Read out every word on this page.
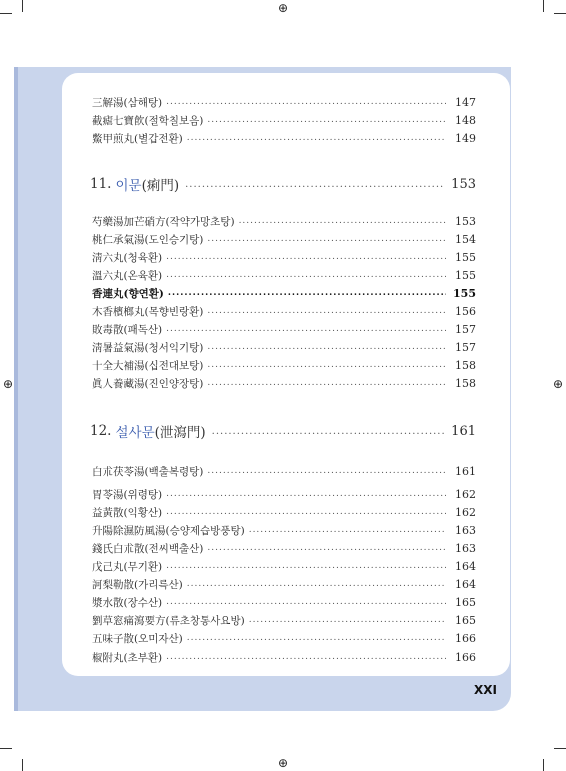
⊕
⊕
⊕	⊕
三解湯(삼해탕) .....	147
截瘧七寶飮(절학칠보음) .....	148
鱉甲煎丸(별갑전환) .....	149
11. 이문 (痢門) .....	153
芍藥湯加芒硝方(작약가망초탕) .....	153
桃仁承氣湯(도인승기탕) .....	154
淸六丸(청육환) .....	155
溫六丸(온육환) .....	155
香連丸(향연환) .....	155
木香檳榔丸(목향빈랑환) .....	156
敗毒散(패독산) .....	157
淸暑益氣湯(청서익기탕) .....	157
十全大補湯(십전대보탕) .....	158
眞人養藏湯(진인양장탕) .....	158
12. 설사문 (泄瀉門) .....	161
白朮茯苓湯(백출복령탕) .....	161
胃苓湯(위령탕) .....	162
益黃散(익황산) .....	162
升陽除濕防風湯(승양제습방풍탕) .....	163
錢氏白朮散(전씨백출산) .....	163
戊己丸(무기환) .....	164
訶梨勒散(가리륵산) .....	164
漿水散(장수산) .....	165
劉草窓痛瀉要方(류초창통사요방) .....	165
五味子散(오미자산) .....	166
椒附丸(초부환) .....	166
XXI
